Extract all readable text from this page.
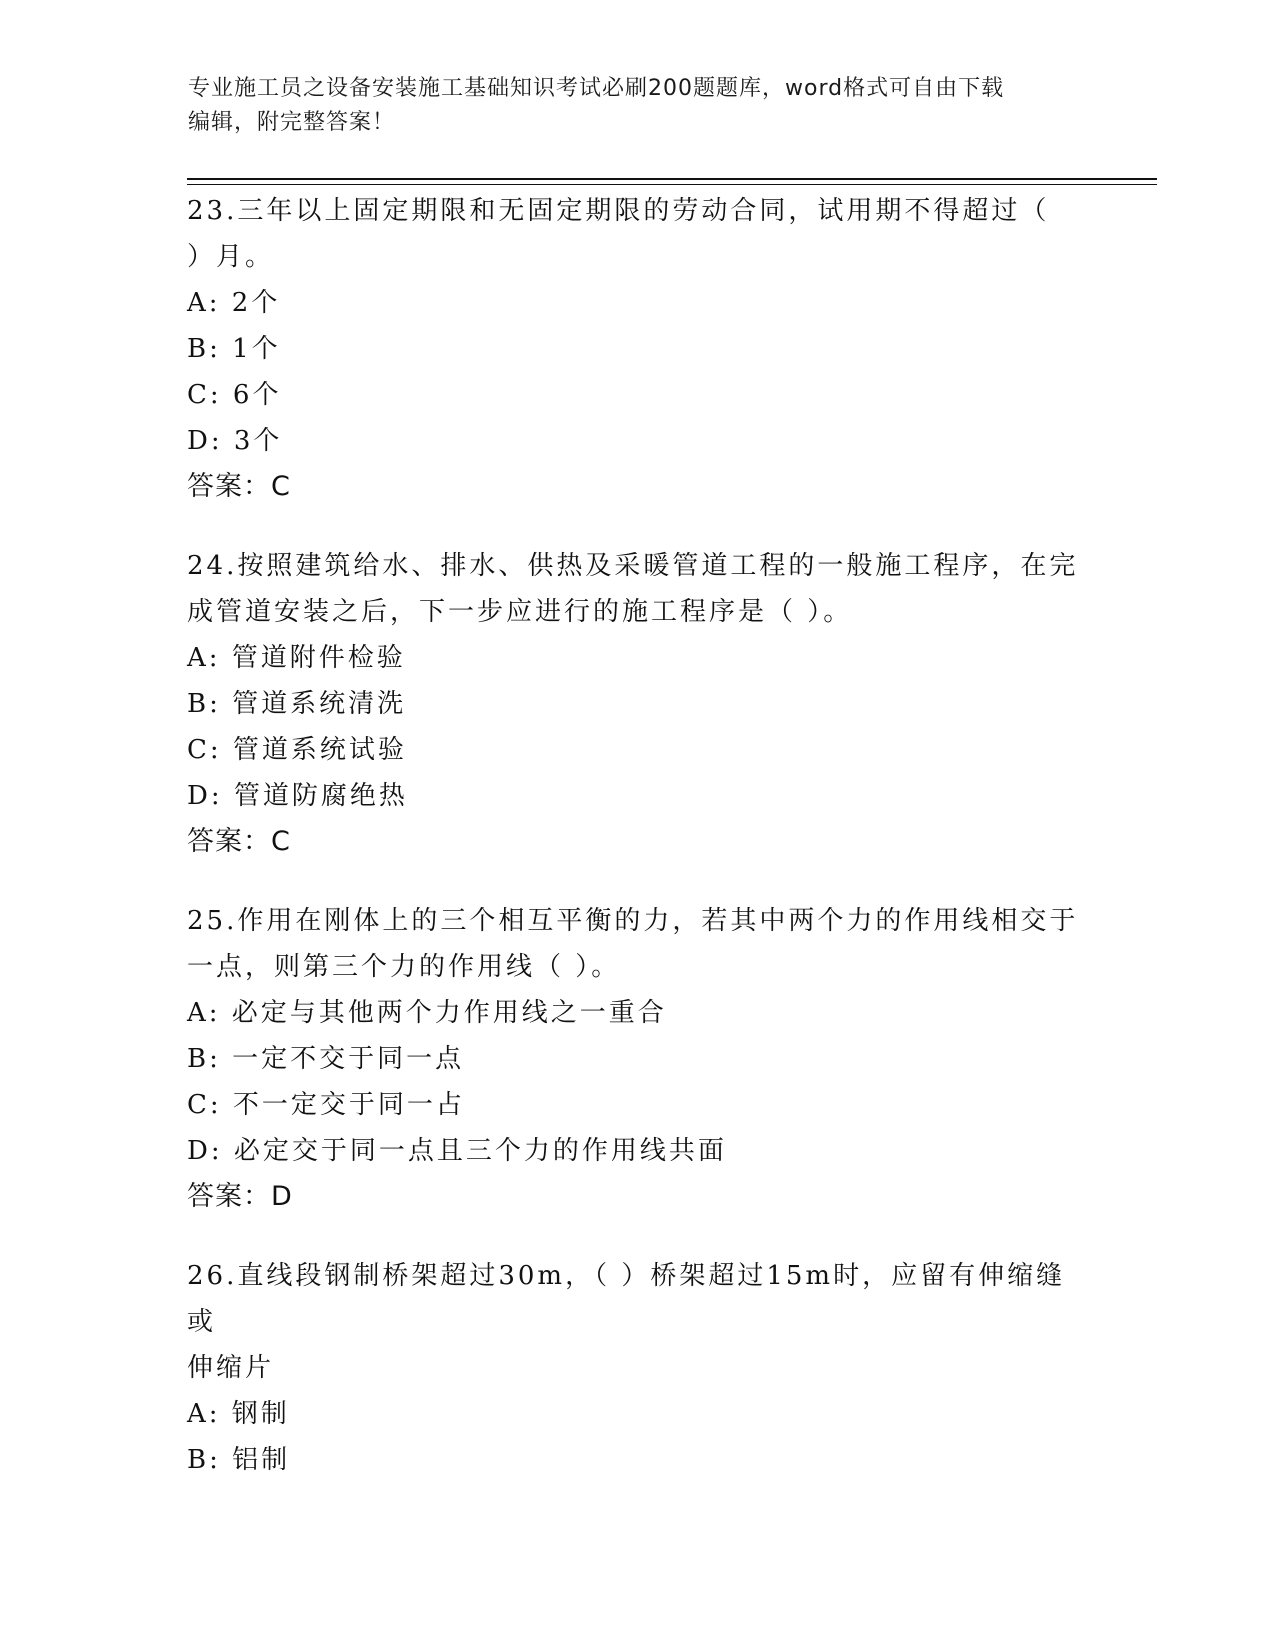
专业施工员之设备安装施工基础知识考试必刷200题题库，word格式可自由下载
编辑，附完整答案！
23.三年以上固定期限和无固定期限的劳动合同，试用期不得超过（
）月。
A: 2个
B: 1个
C: 6个
D: 3个
答案：C
24.按照建筑给水、排水、供热及采暖管道工程的一般施工程序，在完
成管道安装之后，下一步应进行的施工程序是（ ）。
A: 管道附件检验
B: 管道系统清洗
C: 管道系统试验
D: 管道防腐绝热
答案：C
25.作用在刚体上的三个相互平衡的力，若其中两个力的作用线相交于
一点，则第三个力的作用线（ ）。
A: 必定与其他两个力作用线之一重合
B: 一定不交于同一点
C: 不一定交于同一占
D: 必定交于同一点且三个力的作用线共面
答案：D
26.直线段钢制桥架超过30m，（ ）桥架超过15m时，应留有伸缩缝或
伸缩片
A: 钢制
B: 铝制
